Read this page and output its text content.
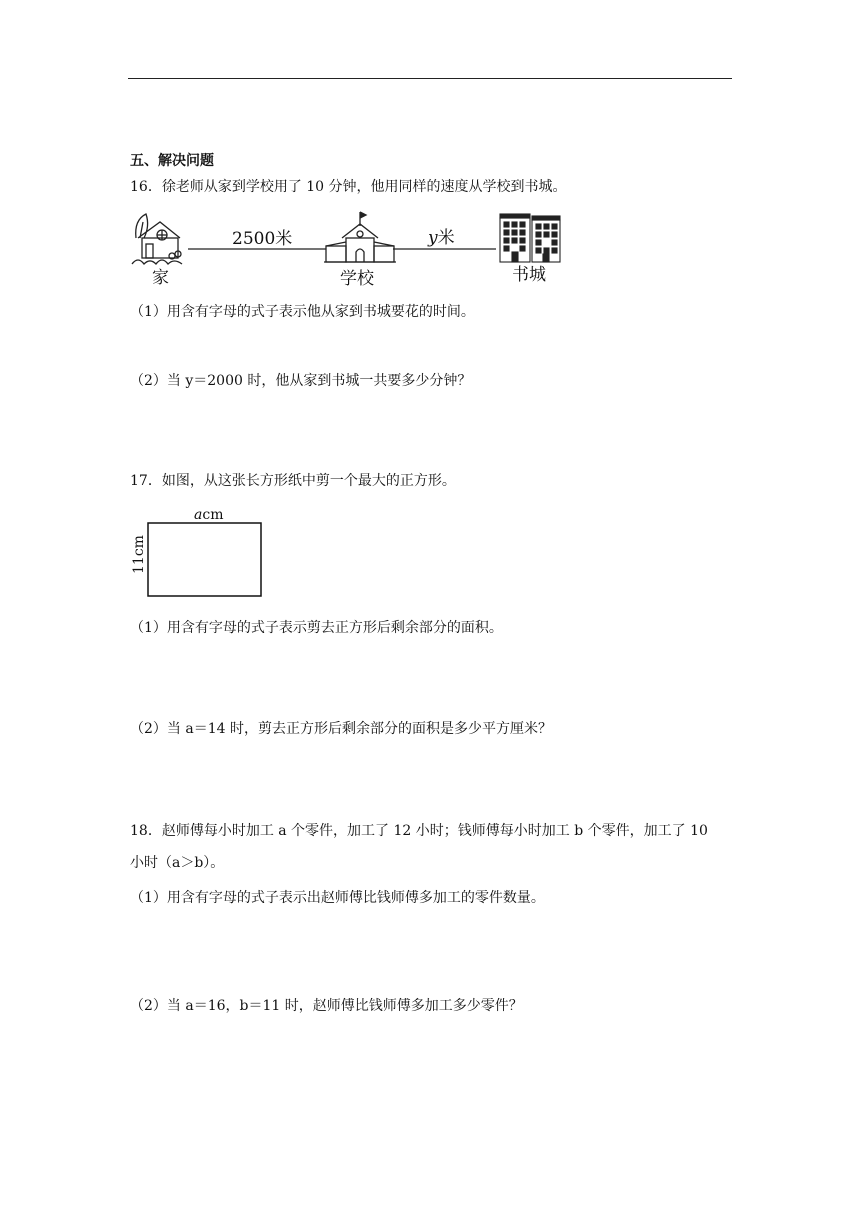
五、解决问题
16．徐老师从家到学校用了 10 分钟，他用同样的速度从学校到书城。
2500米	y米
家	学校	书城
（1）用含有字母的式子表示他从家到书城要花的时间。
（2）当 y＝2000 时，他从家到书城一共要多少分钟？
17．如图，从这张长方形纸中剪一个最大的正方形。
acm
11cm
（1）用含有字母的式子表示剪去正方形后剩余部分的面积。
（2）当 a＝14 时，剪去正方形后剩余部分的面积是多少平方厘米？
18．赵师傅每小时加工 a 个零件，加工了 12 小时；钱师傅每小时加工 b 个零件，加工了 10
小时（a＞b）。
（1）用含有字母的式子表示出赵师傅比钱师傅多加工的零件数量。
（2）当 a＝16，b＝11 时，赵师傅比钱师傅多加工多少零件？
